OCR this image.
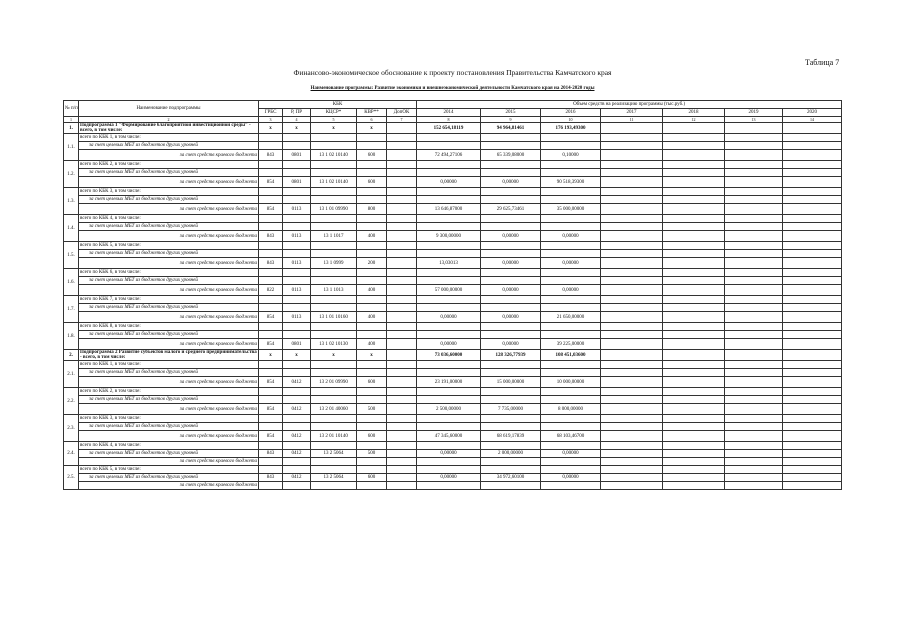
Таблица 7
Финансово-экономическое обоснование к проекту постановления Правительства Камчатского края
Наименование программы: Развитие экономики и внешнеэкономической деятельности Камчатского края на 2014-2020 годы
№ п/п	Наименование подпрограммы	КБК					Объем средств на реализацию программы (тыс.руб.)						
		ГРБС	Р, ПР	КЦСР*	КВР**	ДопОК	2014	2015	2016	2017	2018	2019	2020
1	2	3	4	5	6	7	8	9	10	11	12	13	14
1.	Подпрограмма 1 "Формирование благоприятной инвестиционной среды" - всего, в том числе:	х	х	х	х		152 654,18119	94 964,81461	176 193,49300				
1.1.	всего по КБК 1, в том числе:												
	за счет целевых МБТ из бюджетов других уровней												
	за счет средств краевого бюджета	843	0801	13 1 02 10140	600		72 494,27106	65 339,08000	0,10000				
1.2.	всего по КБК 2, в том числе:												
	за счет целевых МБТ из бюджетов других уровней												
	за счет средств краевого бюджета	854	0801	13 1 02 10140	600		0,00000	0,00000	90 518,39300				
1.3.	всего по КБК 3, в том числе:												
	за счет целевых МБТ из бюджетов других уровней												
	за счет средств краевого бюджета	854	0113	13 1 01 09990	800		13 646,87000	29 625,73461	35 000,00000				
1.4.	всего по КБК 4, в том числе:												
	за счет целевых МБТ из бюджетов других уровней												
	за счет средств краевого бюджета	843	0113	13 1 1017	400		9 300,00000	0,00000	0,00000				
1.5.	всего по КБК 5, в том числе:												
	за счет целевых МБТ из бюджетов других уровней												
	за счет средств краевого бюджета	843	0113	13 1 0999	200		13,03013	0,00000	0,00000				
1.6.	всего по КБК 6, в том числе:												
	за счет целевых МБТ из бюджетов других уровней												
	за счет средств краевого бюджета	822	0113	13 1 1013	400		57 000,00000	0,00000	0,00000				
1.7.	всего по КБК 7, в том числе:												
	за счет целевых МБТ из бюджетов других уровней												
	за счет средств краевого бюджета	854	0113	13 1 01 10160	400		0,00000	0,00000	21 650,00000				
1.8.	всего по КБК 8, в том числе:												
	за счет целевых МБТ из бюджетов других уровней												
	за счет средств краевого бюджета	854	0801	13 1 02 10130	400		0,00000	0,00000	39 225,00000				
2.	Подпрограмма 2 Развитие субъектов малого и среднего предпринимательства - всего, в том числе:	х	х	х	х		73 036,60000	128 326,77939	108 451,03600				
2.1.	всего по КБК 1, в том числе:												
	за счет целевых МБТ из бюджетов других уровней												
	за счет средств краевого бюджета	854	0412	13 2 01 09990	600		23 191,00000	15 000,00000	10 000,00000				
2.2.	всего по КБК 2, в том числе:												
	за счет целевых МБТ из бюджетов других уровней												
	за счет средств краевого бюджета	854	0412	13 2 01 40060	500		2 500,00000	7 735,00000	8 000,00000				
2.3.	всего по КБК 3, в том числе:												
	за счет целевых МБТ из бюджетов других уровней												
	за счет средств краевого бюджета	854	0412	13 2 01 10140	600		47 345,60000	68 619,17839	68 103,46700				
2.4.	всего по КБК 4, в том числе:												
	за счет целевых МБТ из бюджетов других уровней	843	0412	13 2 5064	500		0,00000	2 000,00000	0,00000				
	за счет средств краевого бюджета												
2.5.	всего по КБК 5, в том числе:												
	за счет целевых МБТ из бюджетов других уровней	843	0412	13 2 5064	600		0,00000	34 972,60100	0,00000				
	за счет средств краевого бюджета												
